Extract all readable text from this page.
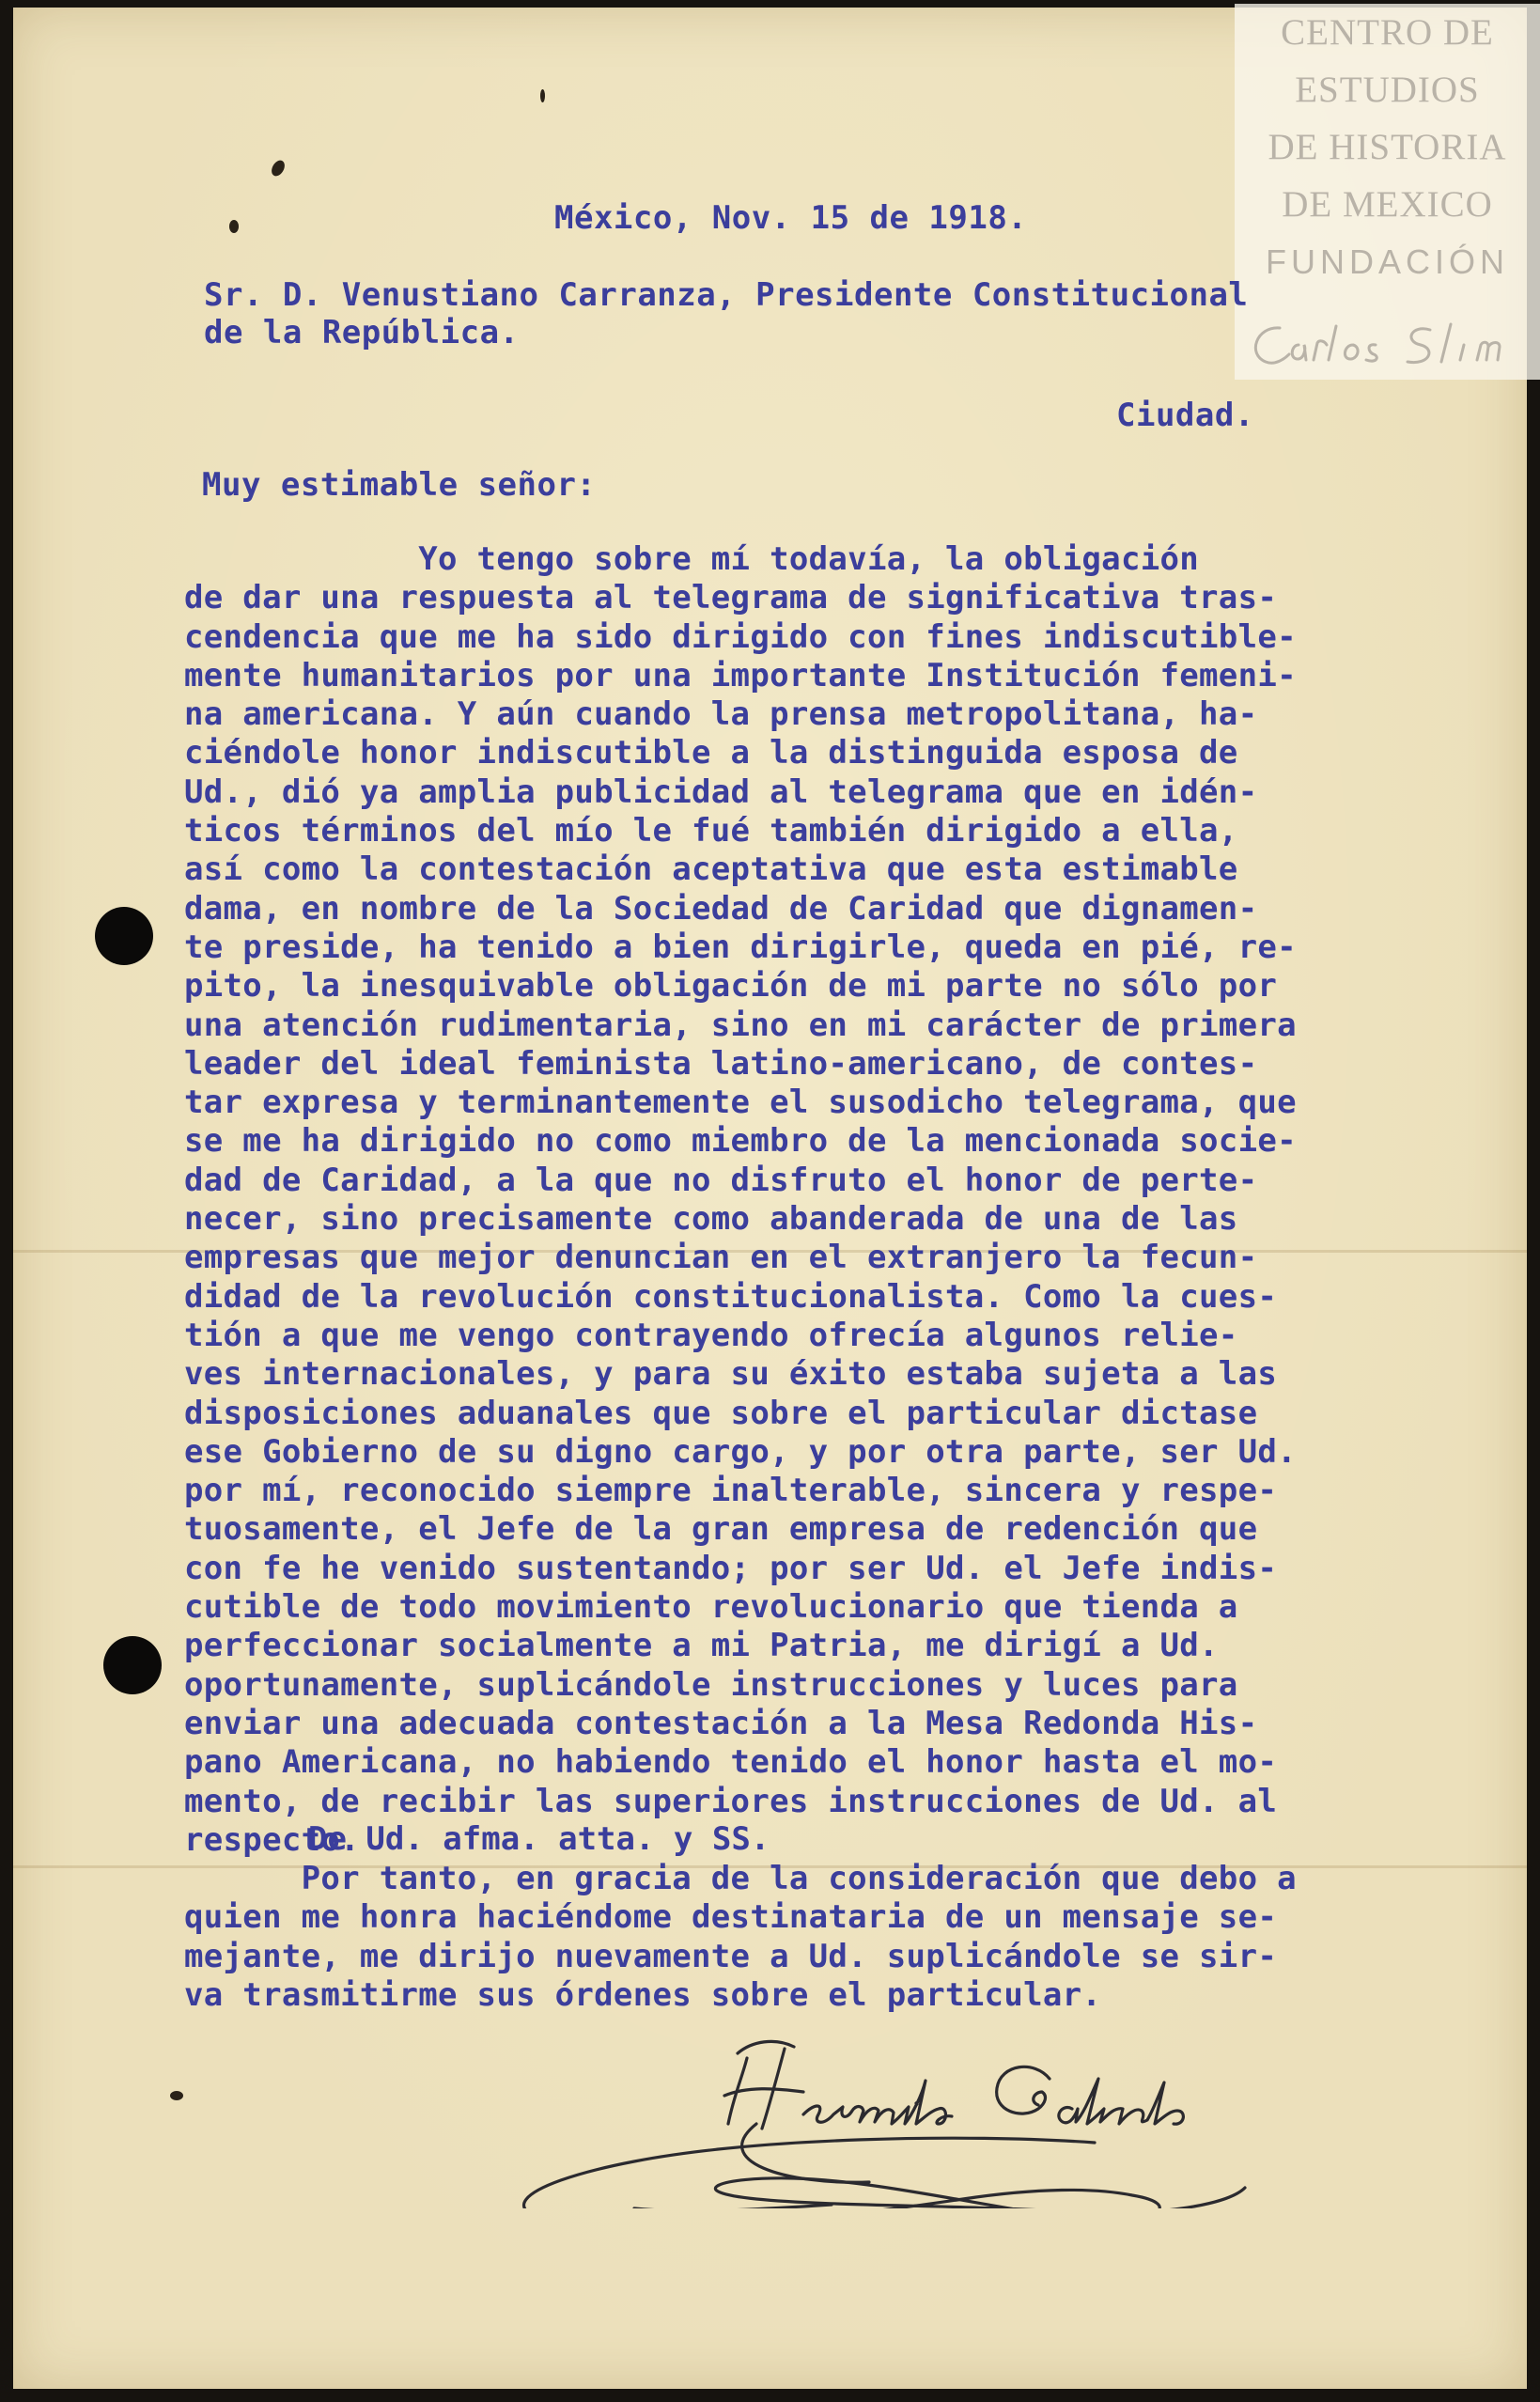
CENTRO DE
ESTUDIOS
DE HISTORIA
DE MEXICO
FUNDACIÓN
México, Nov. 15 de 1918.
Sr. D. Venustiano Carranza, Presidente Constitucional
de la República.
Ciudad.
Muy estimable señor:
Yo tengo sobre mí todavía, la obligación
de dar una respuesta al telegrama de significativa tras-
cendencia que me ha sido dirigido con fines indiscutible-
mente humanitarios por una importante Institución femeni-
na americana. Y aún cuando la prensa metropolitana, ha-
ciéndole honor indiscutible a la distinguida esposa de
Ud., dió ya amplia publicidad al telegrama que en idén-
ticos términos del mío le fué también dirigido a ella,
así como la contestación aceptativa que esta estimable
dama, en nombre de la Sociedad de Caridad que dignamen-
te preside, ha tenido a bien dirigirle, queda en pié, re-
pito, la inesquivable obligación de mi parte no sólo por
una atención rudimentaria, sino en mi carácter de primera
leader del ideal feminista latino-americano, de contes-
tar expresa y terminantemente el susodicho telegrama, que
se me ha dirigido no como miembro de la mencionada socie-
dad de Caridad, a la que no disfruto el honor de perte-
necer, sino precisamente como abanderada de una de las
empresas que mejor denuncian en el extranjero la fecun-
didad de la revolución constitucionalista. Como la cues-
tión a que me vengo contrayendo ofrecía algunos relie-
ves internacionales, y para su éxito estaba sujeta a las
disposiciones aduanales que sobre el particular dictase
ese Gobierno de su digno cargo, y por otra parte, ser Ud.
por mí, reconocido siempre inalterable, sincera y respe-
tuosamente, el Jefe de la gran empresa de redención que
con fe he venido sustentando; por ser Ud. el Jefe indis-
cutible de todo movimiento revolucionario que tienda a
perfeccionar socialmente a mi Patria, me dirigí a Ud.
oportunamente, suplicándole instrucciones y luces para
enviar una adecuada contestación a la Mesa Redonda His-
pano Americana, no habiendo tenido el honor hasta el mo-
mento, de recibir las superiores instrucciones de Ud. al
respecto.
Por tanto, en gracia de la consideración que debo a
quien me honra haciéndome destinataria de un mensaje se-
mejante, me dirijo nuevamente a Ud. suplicándole se sir-
va trasmitirme sus órdenes sobre el particular.
De Ud. afma. atta. y SS.
